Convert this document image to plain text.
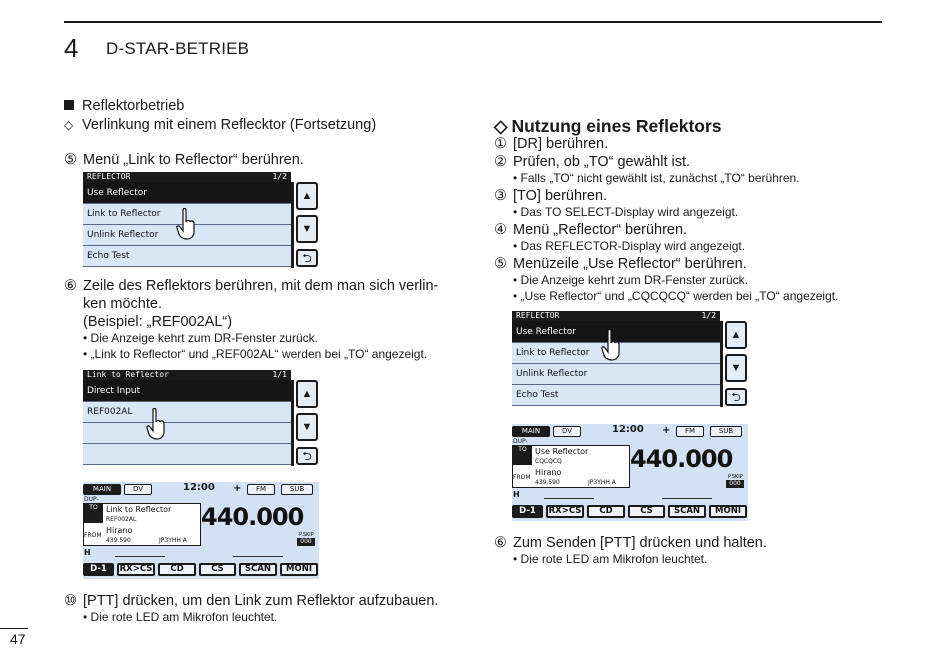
4 D-STAR-BETRIEB
47
Reflektorbetrieb
◇ Verlinkung mit einem Reflecktor (Fortsetzung)
⑤ Menü „Link to Reflector“ berühren.
REFLECTOR	1/2
Use Reflector
Link to Reflector
Unlink Reflector
Echo Test
▲
▼
⮌
⑥ Zeile des Reflektors berühren, mit dem man sich verlin-
ken möchte.
(Beispiel: „REF002AL“)
• Die Anzeige kehrt zum DR-Fenster zurück.
• „Link to Reflector“ und „REF002AL“ werden bei „TO“ angezeigt.
Link to Reflector	1/1
Direct Input
REF002AL
▲
▼
⮌
MAIN	DV	12:00 +	FM	SUB
DUP-
TO	Link to Reflector
REF002AL
FROM
Hirano
439.590	JP3YHH A
440.000
P.SKIP
000
H
D-1	RX>CS	CD	CS	SCAN	MONI
⑩ [PTT] drücken, um den Link zum Reflektor aufzubauen.
• Die rote LED am Mikrofon leuchtet.
◇ Nutzung eines Reflektors
① [DR] berühren.
② Prüfen, ob „TO“ gewählt ist.
• Falls „TO“ nicht gewählt ist, zunächst „TO“ berühren.
③ [TO] berühren.
• Das TO SELECT-Display wird angezeigt.
④ Menü „Reflector“ berühren.
• Das REFLECTOR-Display wird angezeigt.
⑤ Menüzeile „Use Reflector“ berühren.
• Die Anzeige kehrt zum DR-Fenster zurück.
• „Use Reflector“ und „CQCQCQ“ werden bei „TO“ angezeigt.
REFLECTOR	1/2
Use Reflector
Link to Reflector
Unlink Reflector
Echo Test
▲
▼
⮌
MAIN	DV	12:00 +	FM	SUB
DUP-
TO	Use Reflector
CQCQCQ
FROM
Hirano
439.590	JP3YHH A
440.000
P.SKIP
000
H
D-1	RX>CS	CD	CS	SCAN	MONI
⑥ Zum Senden [PTT] drücken und halten.
• Die rote LED am Mikrofon leuchtet.
